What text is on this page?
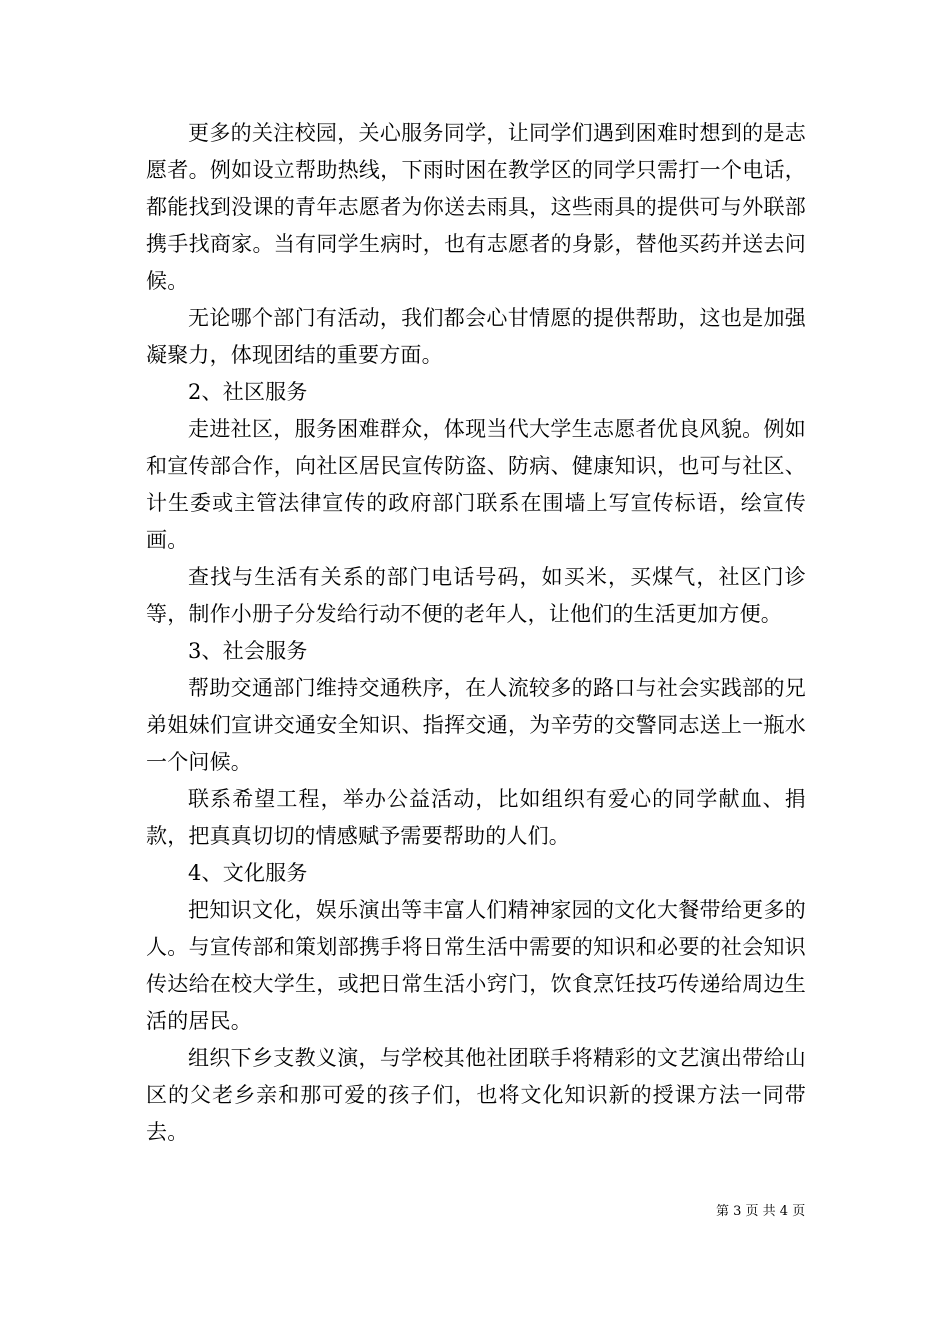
更多的关注校园，关心服务同学，让同学们遇到困难时想到的是志愿者。例如设立帮助热线，下雨时困在教学区的同学只需打一个电话，都能找到没课的青年志愿者为你送去雨具，这些雨具的提供可与外联部携手找商家。当有同学生病时，也有志愿者的身影，替他买药并送去问候。

无论哪个部门有活动，我们都会心甘情愿的提供帮助，这也是加强凝聚力，体现团结的重要方面。

2、社区服务

走进社区，服务困难群众，体现当代大学生志愿者优良风貌。例如和宣传部合作，向社区居民宣传防盗、防病、健康知识，也可与社区、计生委或主管法律宣传的政府部门联系在围墙上写宣传标语，绘宣传画。

查找与生活有关系的部门电话号码，如买米，买煤气，社区门诊等，制作小册子分发给行动不便的老年人，让他们的生活更加方便。

3、社会服务

帮助交通部门维持交通秩序，在人流较多的路口与社会实践部的兄弟姐妹们宣讲交通安全知识、指挥交通，为辛劳的交警同志送上一瓶水一个问候。

联系希望工程，举办公益活动，比如组织有爱心的同学献血、捐款，把真真切切的情感赋予需要帮助的人们。

4、文化服务

把知识文化，娱乐演出等丰富人们精神家园的文化大餐带给更多的人。与宣传部和策划部携手将日常生活中需要的知识和必要的社会知识传达给在校大学生，或把日常生活小窍门，饮食烹饪技巧传递给周边生活的居民。

组织下乡支教义演，与学校其他社团联手将精彩的文艺演出带给山区的父老乡亲和那可爱的孩子们，也将文化知识新的授课方法一同带去。

第 3 页 共 4 页
